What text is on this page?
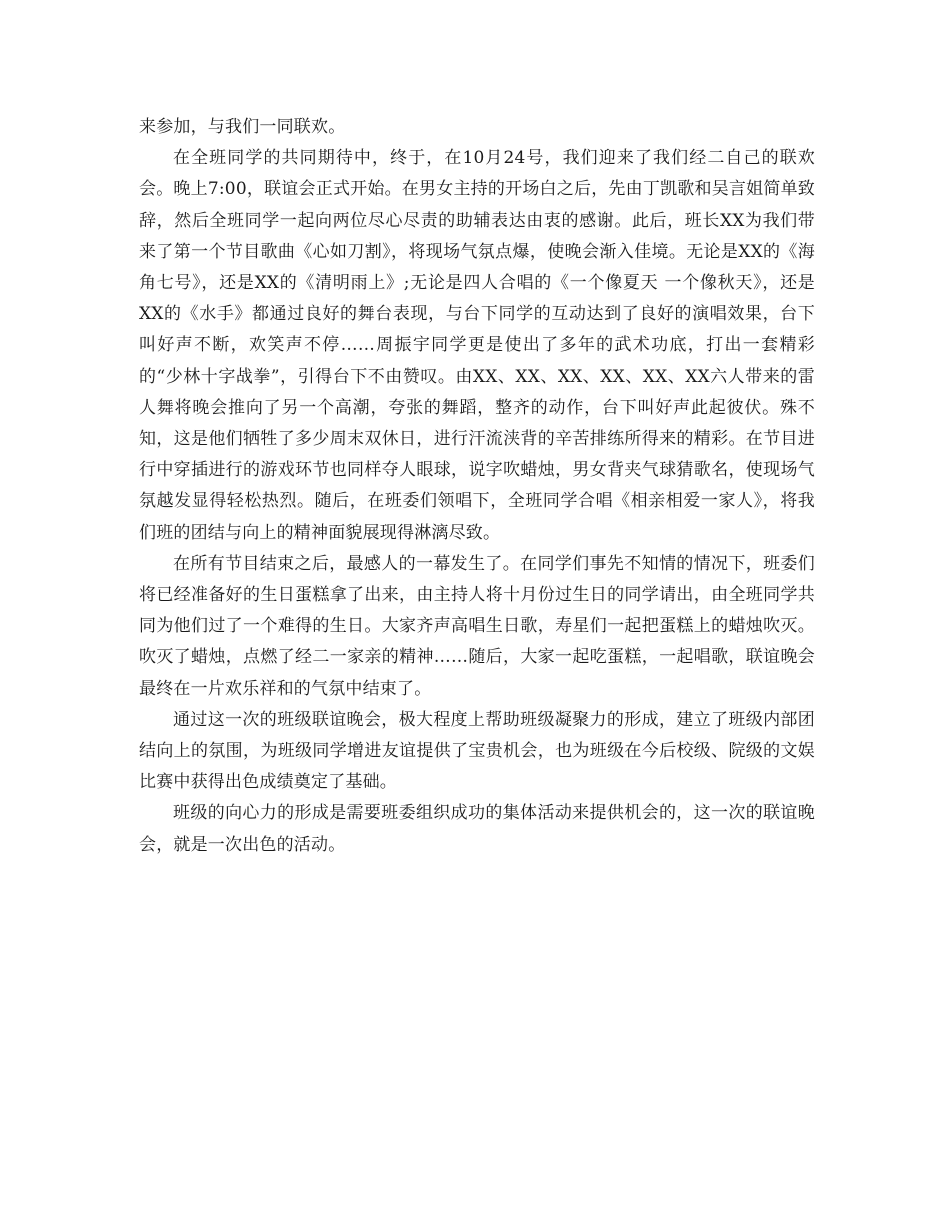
来参加，与我们一同联欢。

在全班同学的共同期待中，终于，在10月24号，我们迎来了我们经二自己的联欢会。晚上7:00，联谊会正式开始。在男女主持的开场白之后，先由丁凯歌和吴言姐简单致辞，然后全班同学一起向两位尽心尽责的助辅表达由衷的感谢。此后，班长XX为我们带来了第一个节目歌曲《心如刀割》，将现场气氛点爆，使晚会渐入佳境。无论是XX的《海角七号》，还是XX的《清明雨上》;无论是四人合唱的《一个像夏天 一个像秋天》，还是XX的《水手》都通过良好的舞台表现，与台下同学的互动达到了良好的演唱效果，台下叫好声不断，欢笑声不停……周振宇同学更是使出了多年的武术功底，打出一套精彩的“少林十字战拳”，引得台下不由赞叹。由XX、XX、XX、XX、XX、XX六人带来的雷人舞将晚会推向了另一个高潮，夸张的舞蹈，整齐的动作，台下叫好声此起彼伏。殊不知，这是他们牺牲了多少周末双休日，进行汗流浃背的辛苦排练所得来的精彩。在节目进行中穿插进行的游戏环节也同样夺人眼球，说字吹蜡烛，男女背夹气球猜歌名，使现场气氛越发显得轻松热烈。随后，在班委们领唱下，全班同学合唱《相亲相爱一家人》，将我们班的团结与向上的精神面貌展现得淋漓尽致。

在所有节目结束之后，最感人的一幕发生了。在同学们事先不知情的情况下，班委们将已经准备好的生日蛋糕拿了出来，由主持人将十月份过生日的同学请出，由全班同学共同为他们过了一个难得的生日。大家齐声高唱生日歌，寿星们一起把蛋糕上的蜡烛吹灭。吹灭了蜡烛，点燃了经二一家亲的精神……随后，大家一起吃蛋糕，一起唱歌，联谊晚会最终在一片欢乐祥和的气氛中结束了。

通过这一次的班级联谊晚会，极大程度上帮助班级凝聚力的形成，建立了班级内部团结向上的氛围，为班级同学增进友谊提供了宝贵机会，也为班级在今后校级、院级的文娱比赛中获得出色成绩奠定了基础。

班级的向心力的形成是需要班委组织成功的集体活动来提供机会的，这一次的联谊晚会，就是一次出色的活动。
